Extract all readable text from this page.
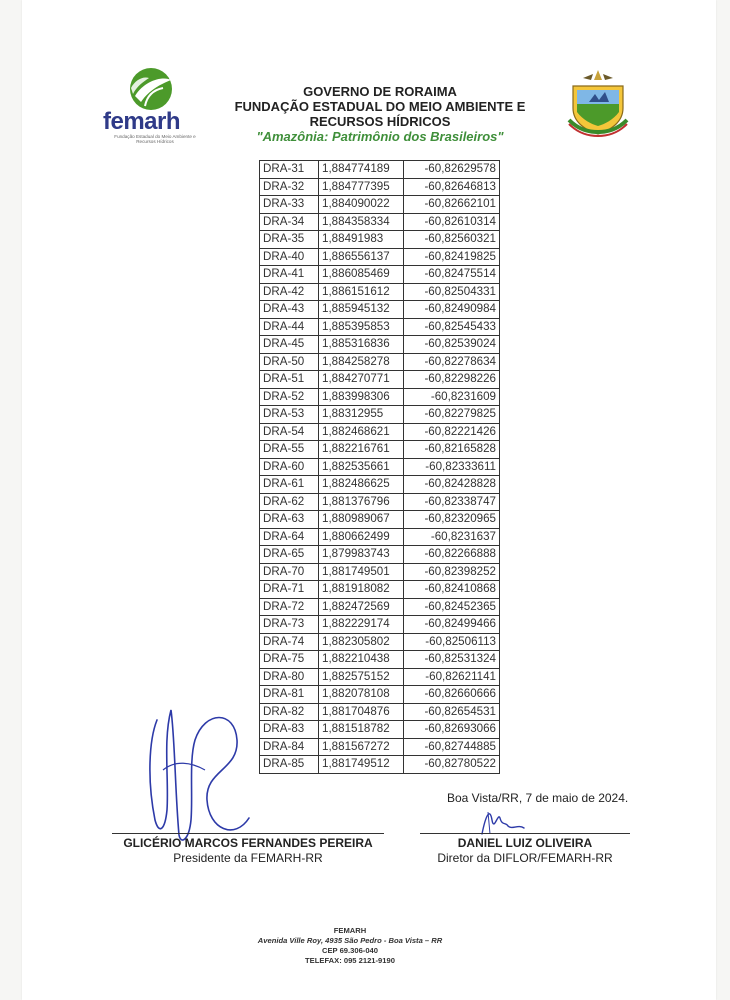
femarh
Fundação Estadual do Meio Ambiente e Recursos Hídricos
GOVERNO DE RORAIMA
FUNDAÇÃO ESTADUAL DO MEIO AMBIENTE E
RECURSOS HÍDRICOS
"Amazônia: Patrimônio dos Brasileiros"
DRA-31	1,884774189	-60,82629578
DRA-32	1,884777395	-60,82646813
DRA-33	1,884090022	-60,82662101
DRA-34	1,884358334	-60,82610314
DRA-35	1,88491983	-60,82560321
DRA-40	1,886556137	-60,82419825
DRA-41	1,886085469	-60,82475514
DRA-42	1,886151612	-60,82504331
DRA-43	1,885945132	-60,82490984
DRA-44	1,885395853	-60,82545433
DRA-45	1,885316836	-60,82539024
DRA-50	1,884258278	-60,82278634
DRA-51	1,884270771	-60,82298226
DRA-52	1,883998306	-60,8231609
DRA-53	1,88312955	-60,82279825
DRA-54	1,882468621	-60,82221426
DRA-55	1,882216761	-60,82165828
DRA-60	1,882535661	-60,82333611
DRA-61	1,882486625	-60,82428828
DRA-62	1,881376796	-60,82338747
DRA-63	1,880989067	-60,82320965
DRA-64	1,880662499	-60,8231637
DRA-65	1,879983743	-60,82266888
DRA-70	1,881749501	-60,82398252
DRA-71	1,881918082	-60,82410868
DRA-72	1,882472569	-60,82452365
DRA-73	1,882229174	-60,82499466
DRA-74	1,882305802	-60,82506113
DRA-75	1,882210438	-60,82531324
DRA-80	1,882575152	-60,82621141
DRA-81	1,882078108	-60,82660666
DRA-82	1,881704876	-60,82654531
DRA-83	1,881518782	-60,82693066
DRA-84	1,881567272	-60,82744885
DRA-85	1,881749512	-60,82780522
Boa Vista/RR, 7 de maio de 2024.
GLICÉRIO MARCOS FERNANDES PEREIRA
Presidente da FEMARH-RR
DANIEL LUIZ OLIVEIRA
Diretor da DIFLOR/FEMARH-RR
FEMARH
Avenida Ville Roy, 4935 São Pedro - Boa Vista – RR
CEP 69.306-040
TELEFAX: 095 2121-9190
